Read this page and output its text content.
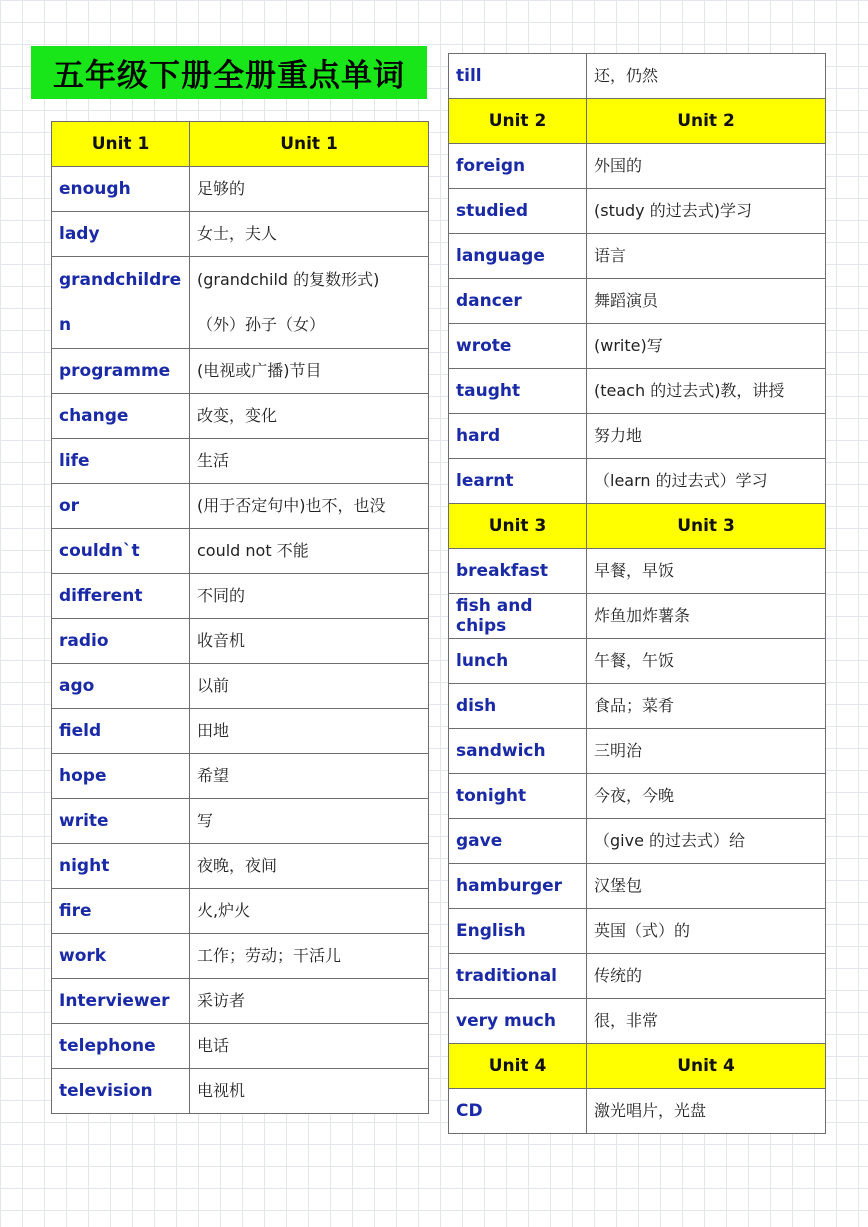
五年级下册全册重点单词
Unit 1	Unit 1
enough	足够的
lady	女士，夫人

grandchildre
n	(grandchild 的复数形式)
（外）孙子（女）

programme	(电视或广播)节目
change	改变，变化
life	生活
or	(用于否定句中)也不，也没
couldn`t	could not 不能
different	不同的
radio	收音机
ago	以前
field	田地
hope	希望
write	写
night	夜晚，夜间
fire	火,炉火
work	工作；劳动；干活儿
Interviewer	采访者
telephone	电话
television	电视机
till	还，仍然
Unit 2	Unit 2
foreign	外国的
studied	(study 的过去式)学习
language	语言
dancer	舞蹈演员
wrote	(write)写
taught	(teach 的过去式)教，讲授
hard	努力地
learnt	（learn 的过去式）学习
Unit 3	Unit 3
breakfast	早餐，早饭
fish and chips	炸鱼加炸薯条
lunch	午餐，午饭
dish	食品；菜肴
sandwich	三明治
tonight	今夜，今晚
gave	（give 的过去式）给
hamburger	汉堡包
English	英国（式）的
traditional	传统的
very much	很，非常
Unit 4	Unit 4
CD	激光唱片，光盘
